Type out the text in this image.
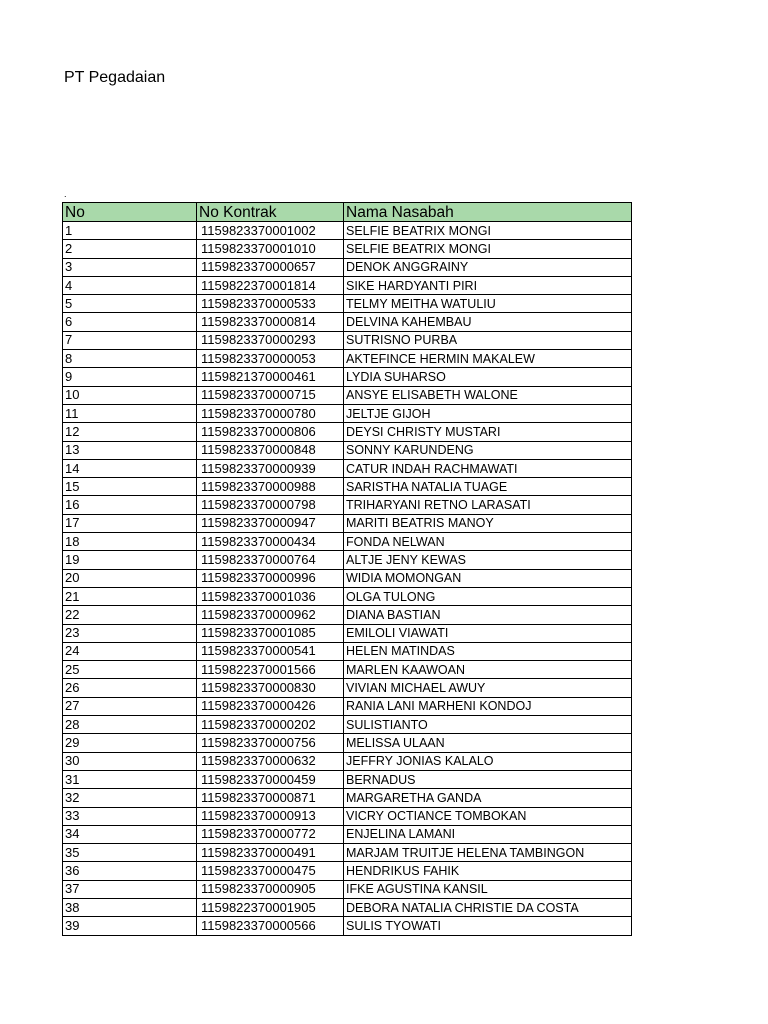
PT Pegadaian
.
No	No Kontrak	Nama Nasabah
1	1159823370001002	SELFIE BEATRIX MONGI
2	1159823370001010	SELFIE BEATRIX MONGI
3	1159823370000657	DENOK ANGGRAINY
4	1159822370001814	SIKE HARDYANTI PIRI
5	1159823370000533	TELMY MEITHA WATULIU
6	1159823370000814	DELVINA KAHEMBAU
7	1159823370000293	SUTRISNO PURBA
8	1159823370000053	AKTEFINCE HERMIN MAKALEW
9	1159821370000461	LYDIA SUHARSO
10	1159823370000715	ANSYE ELISABETH WALONE
11	1159823370000780	JELTJE GIJOH
12	1159823370000806	DEYSI CHRISTY MUSTARI
13	1159823370000848	SONNY KARUNDENG
14	1159823370000939	CATUR INDAH RACHMAWATI
15	1159823370000988	SARISTHA NATALIA TUAGE
16	1159823370000798	TRIHARYANI RETNO LARASATI
17	1159823370000947	MARITI BEATRIS MANOY
18	1159823370000434	FONDA NELWAN
19	1159823370000764	ALTJE JENY KEWAS
20	1159823370000996	WIDIA MOMONGAN
21	1159823370001036	OLGA TULONG
22	1159823370000962	DIANA BASTIAN
23	1159823370001085	EMILOLI VIAWATI
24	1159823370000541	HELEN MATINDAS
25	1159822370001566	MARLEN KAAWOAN
26	1159823370000830	VIVIAN MICHAEL AWUY
27	1159823370000426	RANIA LANI MARHENI KONDOJ
28	1159823370000202	SULISTIANTO
29	1159823370000756	MELISSA ULAAN
30	1159823370000632	JEFFRY JONIAS KALALO
31	1159823370000459	BERNADUS
32	1159823370000871	MARGARETHA GANDA
33	1159823370000913	VICRY OCTIANCE TOMBOKAN
34	1159823370000772	ENJELINA LAMANI
35	1159823370000491	MARJAM TRUITJE HELENA TAMBINGON
36	1159823370000475	HENDRIKUS FAHIK
37	1159823370000905	IFKE AGUSTINA KANSIL
38	1159822370001905	DEBORA NATALIA CHRISTIE DA COSTA
39	1159823370000566	SULIS TYOWATI
